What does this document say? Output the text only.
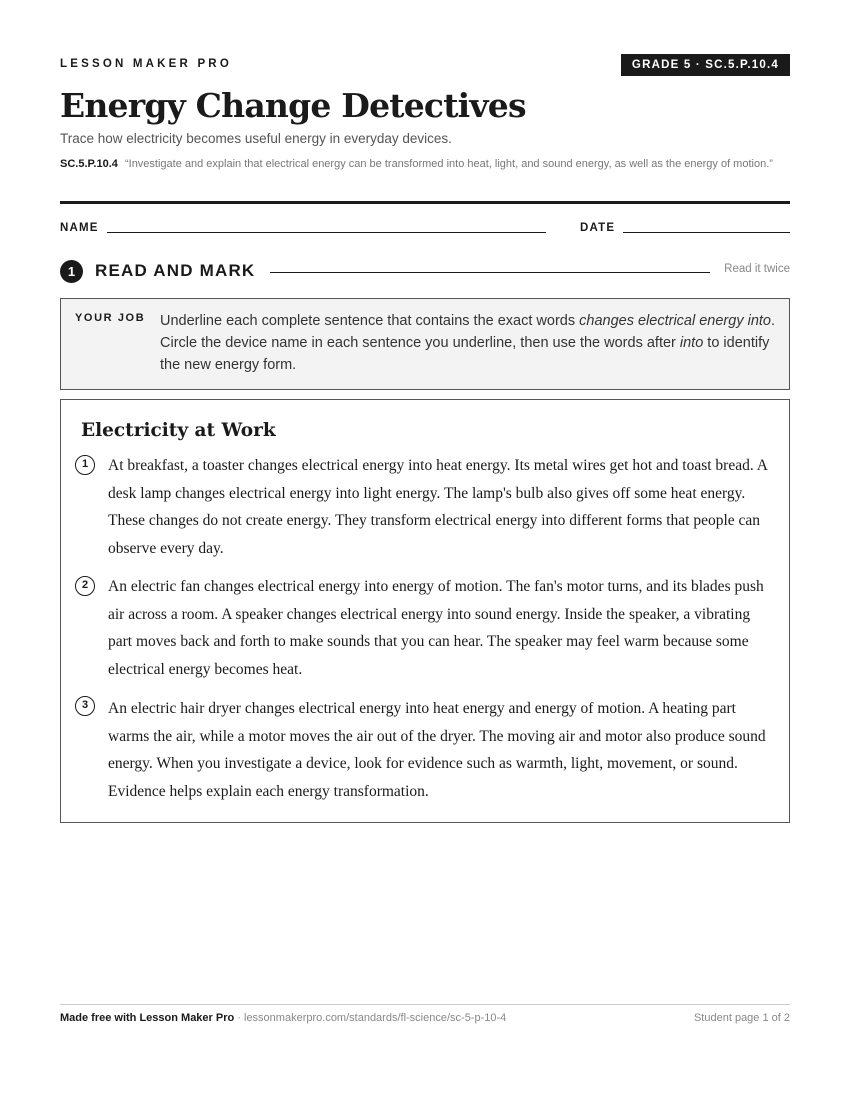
LESSON MAKER PRO	GRADE 5 · SC.5.P.10.4
Energy Change Detectives
Trace how electricity becomes useful energy in everyday devices.
SC.5.P.10.4 “Investigate and explain that electrical energy can be transformed into heat, light, and sound energy, as well as the energy of motion.”
NAME	DATE
1	READ AND MARK	Read it twice
YOUR JOB Underline each complete sentence that contains the exact words changes electrical energy into. Circle the device name in each sentence you underline, then use the words after into to identify the new energy form.
Electricity at Work
1	At breakfast, a toaster changes electrical energy into heat energy. Its metal wires get hot and toast bread. A desk lamp changes electrical energy into light energy. The lamp's bulb also gives off some heat energy. These changes do not create energy. They transform electrical energy into different forms that people can observe every day.

2	An electric fan changes electrical energy into energy of motion. The fan's motor turns, and its blades push air across a room. A speaker changes electrical energy into sound energy. Inside the speaker, a vibrating part moves back and forth to make sounds that you can hear. The speaker may feel warm because some electrical energy becomes heat.

3	An electric hair dryer changes electrical energy into heat energy and energy of motion. A heating part warms the air, while a motor moves the air out of the dryer. The moving air and motor also produce sound energy. When you investigate a device, look for evidence such as warmth, light, movement, or sound. Evidence helps explain each energy transformation.

Made free with Lesson Maker Pro · lessonmakerpro.com/standards/fl-science/sc-5-p-10-4	Student page 1 of 2
